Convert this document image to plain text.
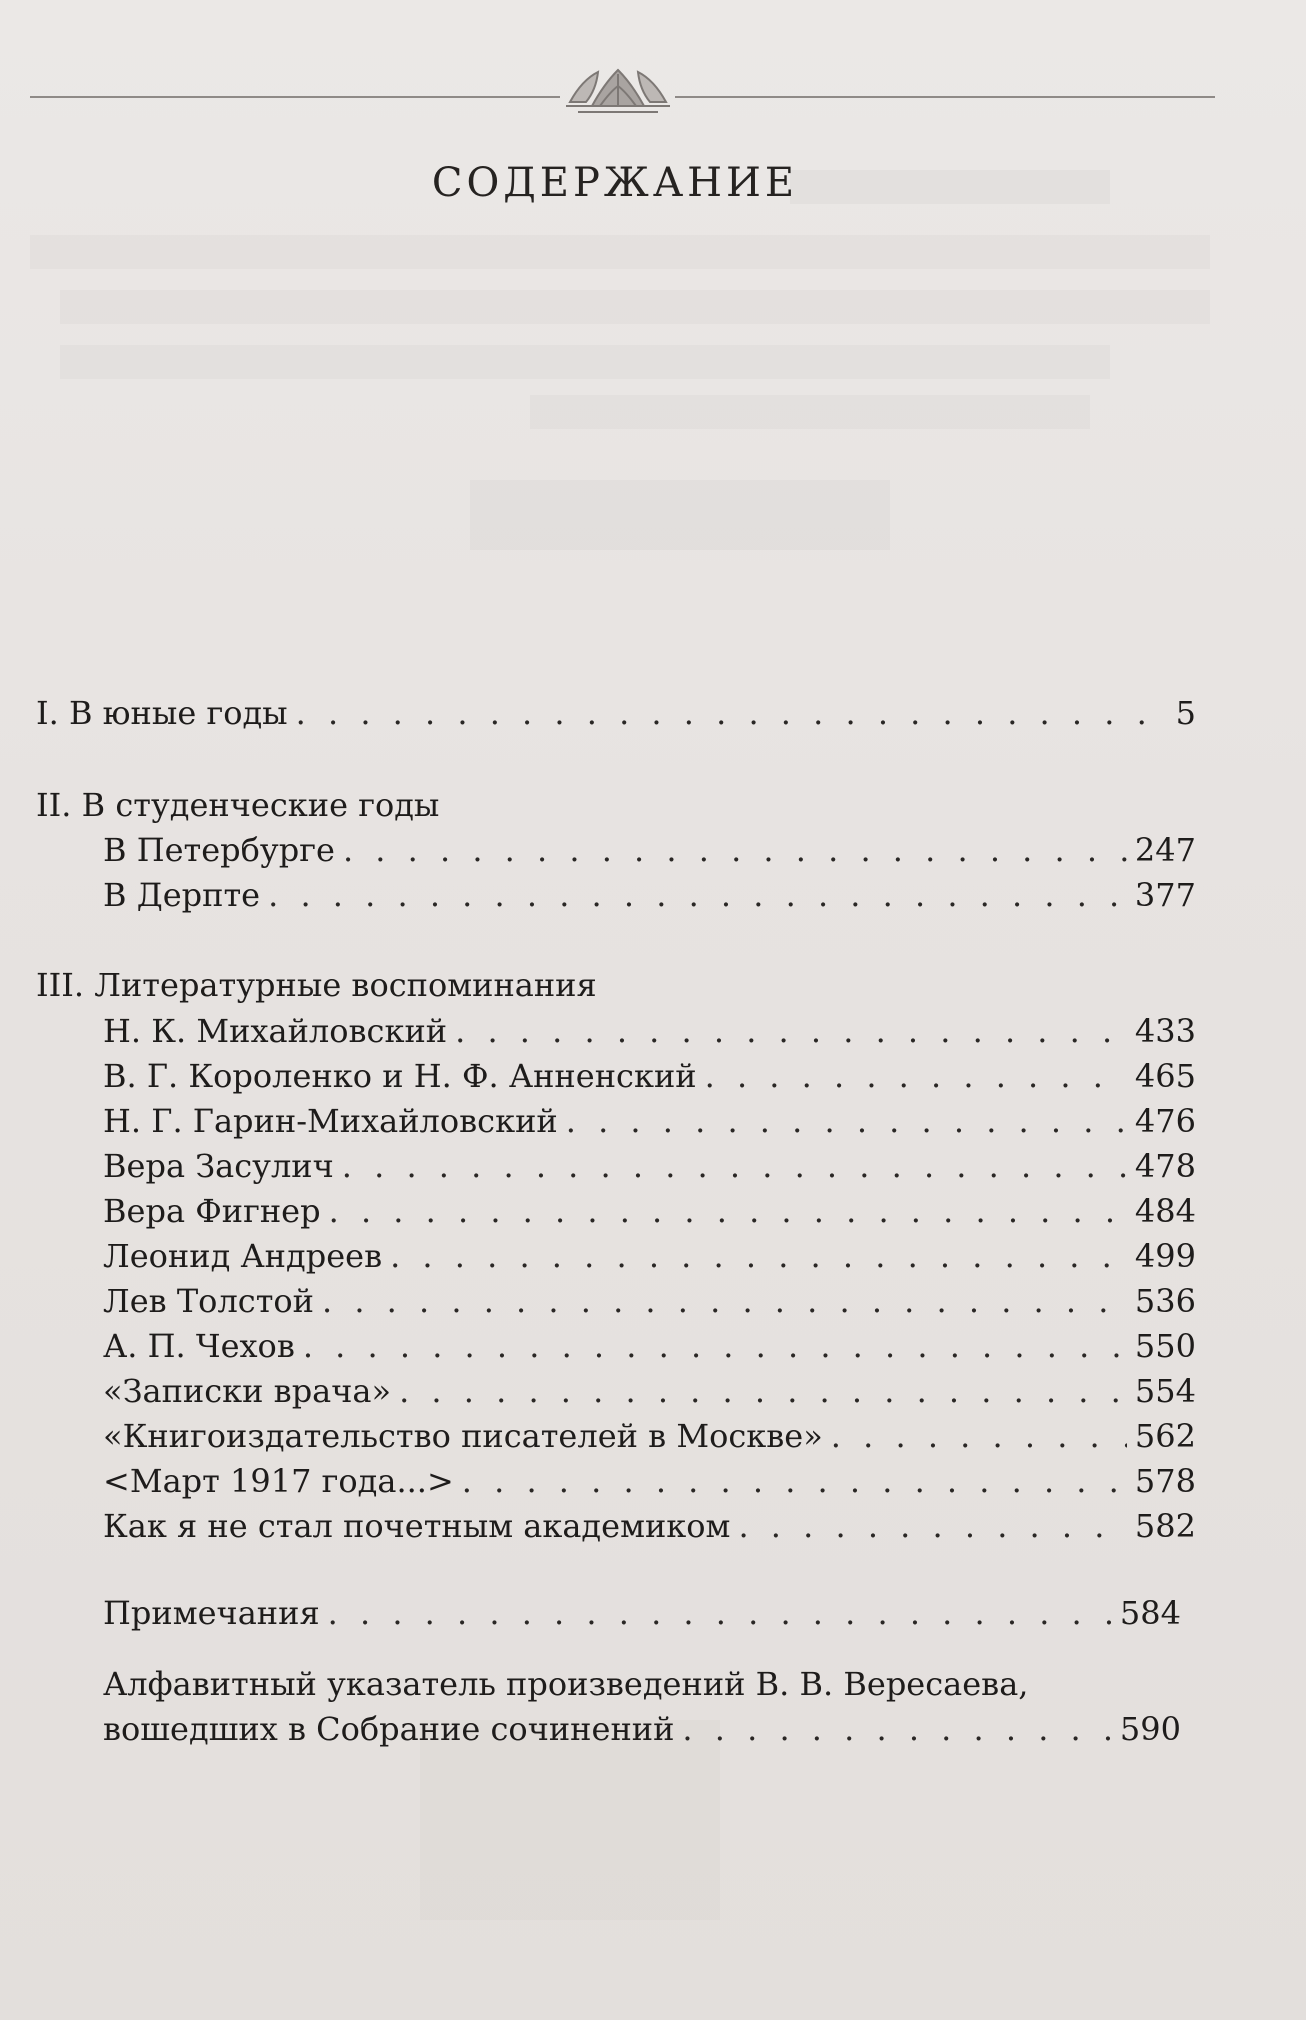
СОДЕРЖАНИЕ
I. В юные годы . . .	5
II. В студенческие годы
В Петербурге . . .	247
В Дерпте . . .	377
III. Литературные воспоминания
Н. К. Михайловский . . .	433
В. Г. Короленко и Н. Ф. Анненский . . .	465
Н. Г. Гарин-Михайловский . . .	476
Вера Засулич . . .	478
Вера Фигнер . . .	484
Леонид Андреев . . .	499
Лев Толстой . . .	536
А. П. Чехов . . .	550
«Записки врача» . . .	554
«Книгоиздательство писателей в Москве» . . .	562
<Март 1917 года...> . . .	578
Как я не стал почетным академиком . . .	582
Примечания . . .	584
Алфавитный указатель произведений В. В. Вересаева,
вошедших в Собрание сочинений . . .	590
